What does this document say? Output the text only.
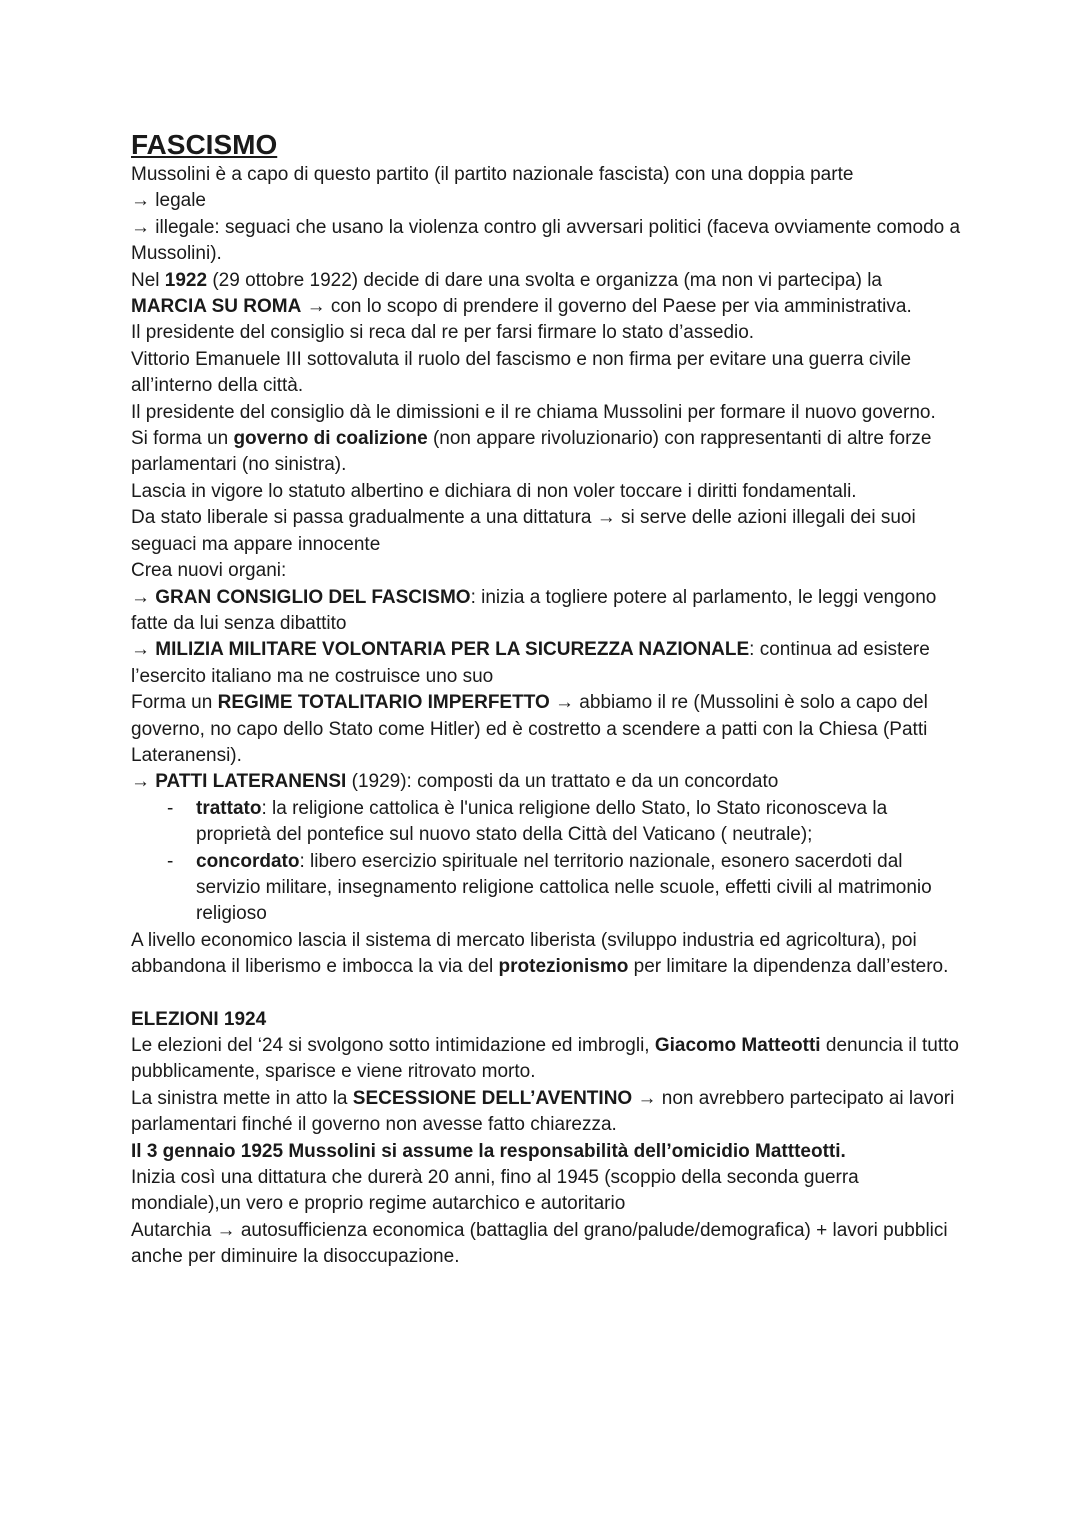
FASCISMO

Mussolini è a capo di questo partito (il partito nazionale fascista) con una doppia parte

→ legale

→ illegale: seguaci che usano la violenza contro gli avversari politici (faceva ovviamente comodo a Mussolini).

Nel 1922 (29 ottobre 1922) decide di dare una svolta e organizza (ma non vi partecipa) la MARCIA SU ROMA → con lo scopo di prendere il governo del Paese per via amministrativa.

Il presidente del consiglio si reca dal re per farsi firmare lo stato d’assedio.

Vittorio Emanuele III sottovaluta il ruolo del fascismo e non firma per evitare una guerra civile all’interno della città.

Il presidente del consiglio dà le dimissioni e il re chiama Mussolini per formare il nuovo governo.

Si forma un governo di coalizione (non appare rivoluzionario) con rappresentanti di altre forze parlamentari (no sinistra).

Lascia in vigore lo statuto albertino e dichiara di non voler toccare i diritti fondamentali.

Da stato liberale si passa gradualmente a una dittatura → si serve delle azioni illegali dei suoi seguaci ma appare innocente

Crea nuovi organi:

→ GRAN CONSIGLIO DEL FASCISMO: inizia a togliere potere al parlamento, le leggi vengono fatte da lui senza dibattito

→ MILIZIA MILITARE VOLONTARIA PER LA SICUREZZA NAZIONALE: continua ad esistere l’esercito italiano ma ne costruisce uno suo

Forma un REGIME TOTALITARIO IMPERFETTO → abbiamo il re (Mussolini è solo a capo del governo, no capo dello Stato come Hitler) ed è costretto a scendere a patti con la Chiesa (Patti Lateranensi).

→ PATTI LATERANENSI (1929): composti da un trattato e da un concordato

- trattato: la religione cattolica è l'unica religione dello Stato, lo Stato riconosceva la proprietà del pontefice sul nuovo stato della Città del Vaticano ( neutrale);
- concordato: libero esercizio spirituale nel territorio nazionale, esonero sacerdoti dal servizio militare, insegnamento religione cattolica nelle scuole, effetti civili al matrimonio religioso

A livello economico lascia il sistema di mercato liberista (sviluppo industria ed agricoltura), poi abbandona il liberismo e imbocca la via del protezionismo per limitare la dipendenza dall’estero.

ELEZIONI 1924

Le elezioni del ‘24 si svolgono sotto intimidazione ed imbrogli, Giacomo Matteotti denuncia il tutto pubblicamente, sparisce e viene ritrovato morto.

La sinistra mette in atto la SECESSIONE DELL’AVENTINO → non avrebbero partecipato ai lavori parlamentari finché il governo non avesse fatto chiarezza.

Il 3 gennaio 1925 Mussolini si assume la responsabilità dell’omicidio Mattteotti.

Inizia così una dittatura che durerà 20 anni, fino al 1945 (scoppio della seconda guerra mondiale),un vero e proprio regime autarchico e autoritario

Autarchia → autosufficienza economica (battaglia del grano/palude/demografica) + lavori pubblici anche per diminuire la disoccupazione.
